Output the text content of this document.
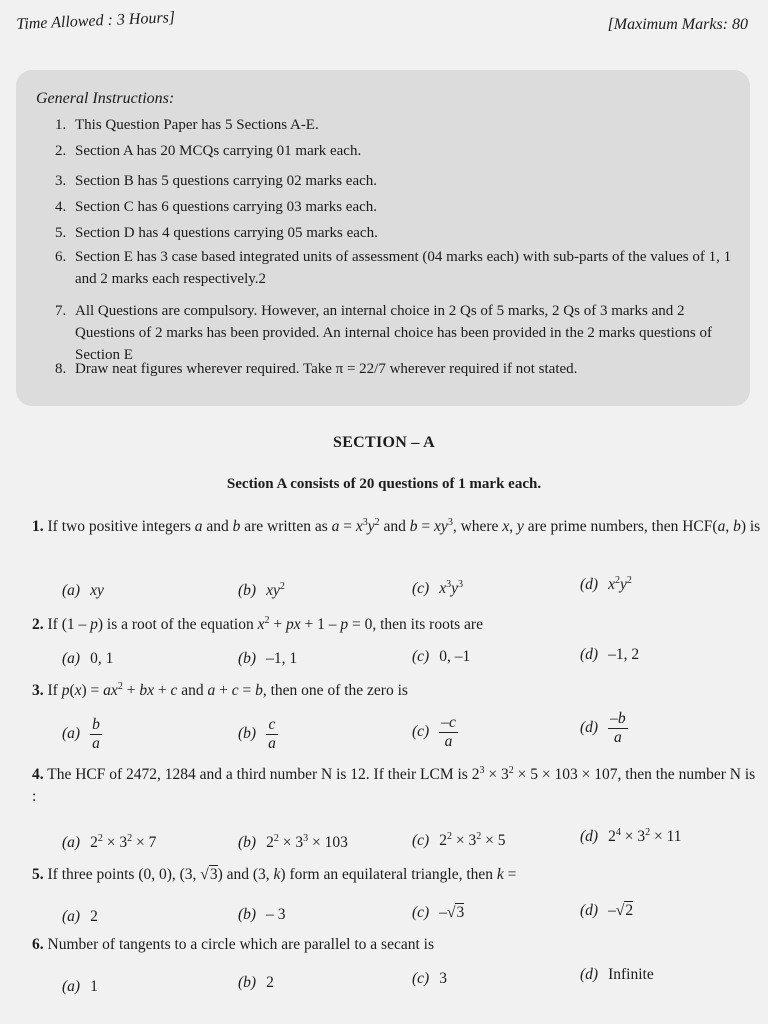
Time Allowed : 3 Hours]	[Maximum Marks: 80
General Instructions:
1. This Question Paper has 5 Sections A-E.
2. Section A has 20 MCQs carrying 01 mark each.
3. Section B has 5 questions carrying 02 marks each.
4. Section C has 6 questions carrying 03 marks each.
5. Section D has 4 questions carrying 05 marks each.
6. Section E has 3 case based integrated units of assessment (04 marks each) with sub-parts of the values of 1, 1 and 2 marks each respectively.2
7. All Questions are compulsory. However, an internal choice in 2 Qs of 5 marks, 2 Qs of 3 marks and 2 Questions of 2 marks has been provided. An internal choice has been provided in the 2 marks questions of Section E
8. Draw neat figures wherever required. Take π = 22/7 wherever required if not stated.
SECTION – A
Section A consists of 20 questions of 1 mark each.
1. If two positive integers a and b are written as $a = x^3y^2$ and $b = xy^3$, where x, y are prime numbers, then HCF(a, b) is
(a) xy	(b) $xy^2$	(c) $x^3y^3$	(d) $x^2y^2$
2. If (1 – p) is a root of the equation $x^2$ + px + 1 – p = 0, then its roots are
(a) 0, 1	(b) –1, 1	(c) 0, –1	(d) –1, 2
3. If $p(x) = ax^2$ + bx + c and a + c = b, then one of the zero is
$(a) \frac{b}{a}$	$(b) \frac{c}{a}$	$(c) \frac{-c}{a}$	$(d) \frac{-b}{a}$
4. The HCF of 2472, 1284 and a third number N is 12. If their LCM is $2^3 \times 3^2 \times 5 \times 103 \times 107$, then the number N is :
(a) $2^2 \times 3^2 \times 7$	(b) $2^2 \times 3^3 \times 103$	(c) $2^2 \times 3^2 \times 5$	(d) $2^4 \times 3^2 \times 11$
5. If three points (0, 0), (3, √3) and (3, k) form an equilateral triangle, then k =
(a) 2	(b) – 3	(c) –√3	(d) –√2
6. Number of tangents to a circle which are parallel to a secant is
(a) 1	(b) 2	(c) 3	(d) Infinite
